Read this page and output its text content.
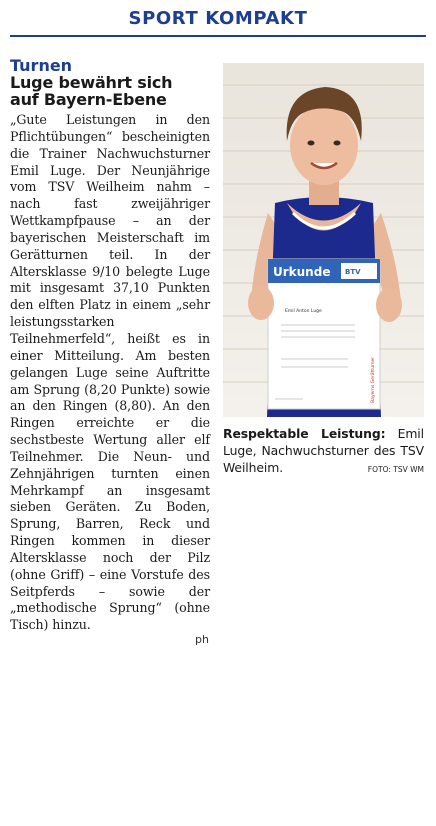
SPORT KOMPAKT
Turnen
Luge bewährt sich
auf Bayern-Ebene

„Gute Leistungen in den Pflichtübungen“ bescheinigten die Trainer Nachwuchsturner Emil Luge. Der Neunjährige vom TSV Weilheim nahm – nach fast zweijähriger Wettkampfpause – an der bayerischen Meisterschaft im Gerätturnen teil. In der Altersklasse 9/10 belegte Luge mit insgesamt 37,10 Punkten den elften Platz in einem „sehr leistungsstarken Teilnehmerfeld“, heißt es in einer Mitteilung. Am besten gelangen Luge seine Auftritte am Sprung (8,20 Punkte) sowie an den Ringen (8,80). An den Ringen erreichte er die sechstbeste Wertung aller elf Teilnehmer. Die Neun- und Zehnjährigen turnten einen Mehrkampf an insgesamt sieben Geräten. Zu Boden, Sprung, Barren, Reck und Ringen kommen in dieser Altersklasse noch der Pilz (ohne Griff) – eine Vorstufe des Seitpferds – sowie der „methodische Sprung“ (ohne Tisch) hinzu.

ph
Urkunde BTV
Emil Anton Luge
Bayerns Gerätturner

Respektable Leistung: Emil Luge, Nachwuchsturner des TSV Weilheim.	FOTO: TSV WM
